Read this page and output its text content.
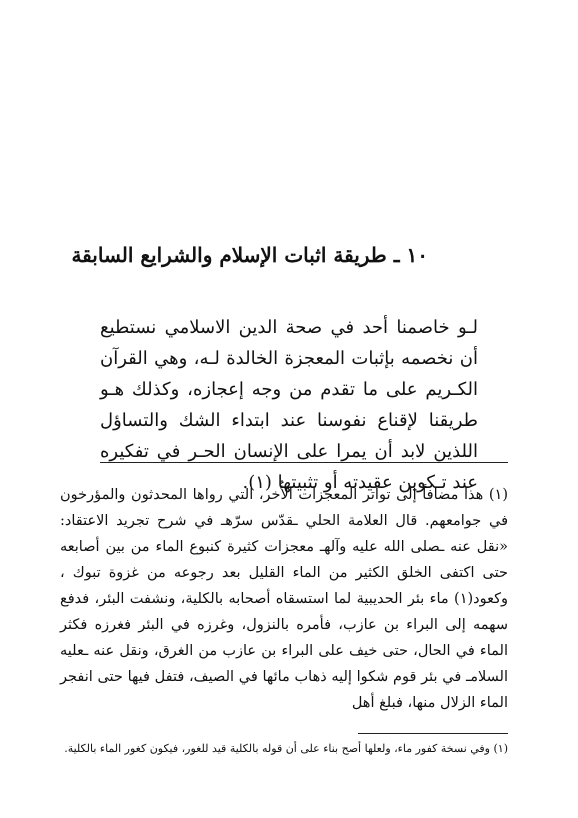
١٠ ـ طريقة اثبات الإسلام والشرايع السابقة

لـو خاصمنا أحد في صحة الدين الاسلامي نستطيع أن نخصمه بإثبات المعجزة الخالدة لـه، وهي القرآن الكـريم على ما تقدم من وجه إعجازه، وكذلك هـو طريقنا لإقناع نفوسنا عند ابتداء الشك والتساؤل اللذين لابد أن يمرا على الإنسان الحـر في تفكيره عند تـكوين عقيدته أو تثبيتها (١).

(١) هذا مضافاً إلى تواتر المعجزات الأُخر، التي رواها المحدثون والمؤرخون في جوامعهم. قال العلامة الحلي ـقدّس سرّهـ في شرح تجريد الاعتقاد: «نقل عنه ـصلى الله عليه وآلهـ معجزات كثيرة كنبوع الماء من بين أصابعه حتى اكتفى الخلق الكثير من الماء القليل بعد رجوعه من غزوة تبوك ، وكعود(١) ماء بئر الحديبية لما استسقاه أصحابه بالكلية، ونشفت البئر، فدفع سهمه إلى البراء بن عازب، فأمره بالنزول، وغرزه في البئر فغرزه فكثر الماء في الحال، حتى خيف على البراء بن عازب من الغرق، ونقل عنه ـعليه السلامـ في بئر قوم شكوا إليه ذهاب مائها في الصيف، فتفل فيها حتى انفجر الماء الزلال منها، فبلغ أهل

(١) وفي نسخة كفور ماء، ولعلها أصح بناء على أن قوله بالكلية قيد للغور، فيكون كغور الماء بالكلية.
